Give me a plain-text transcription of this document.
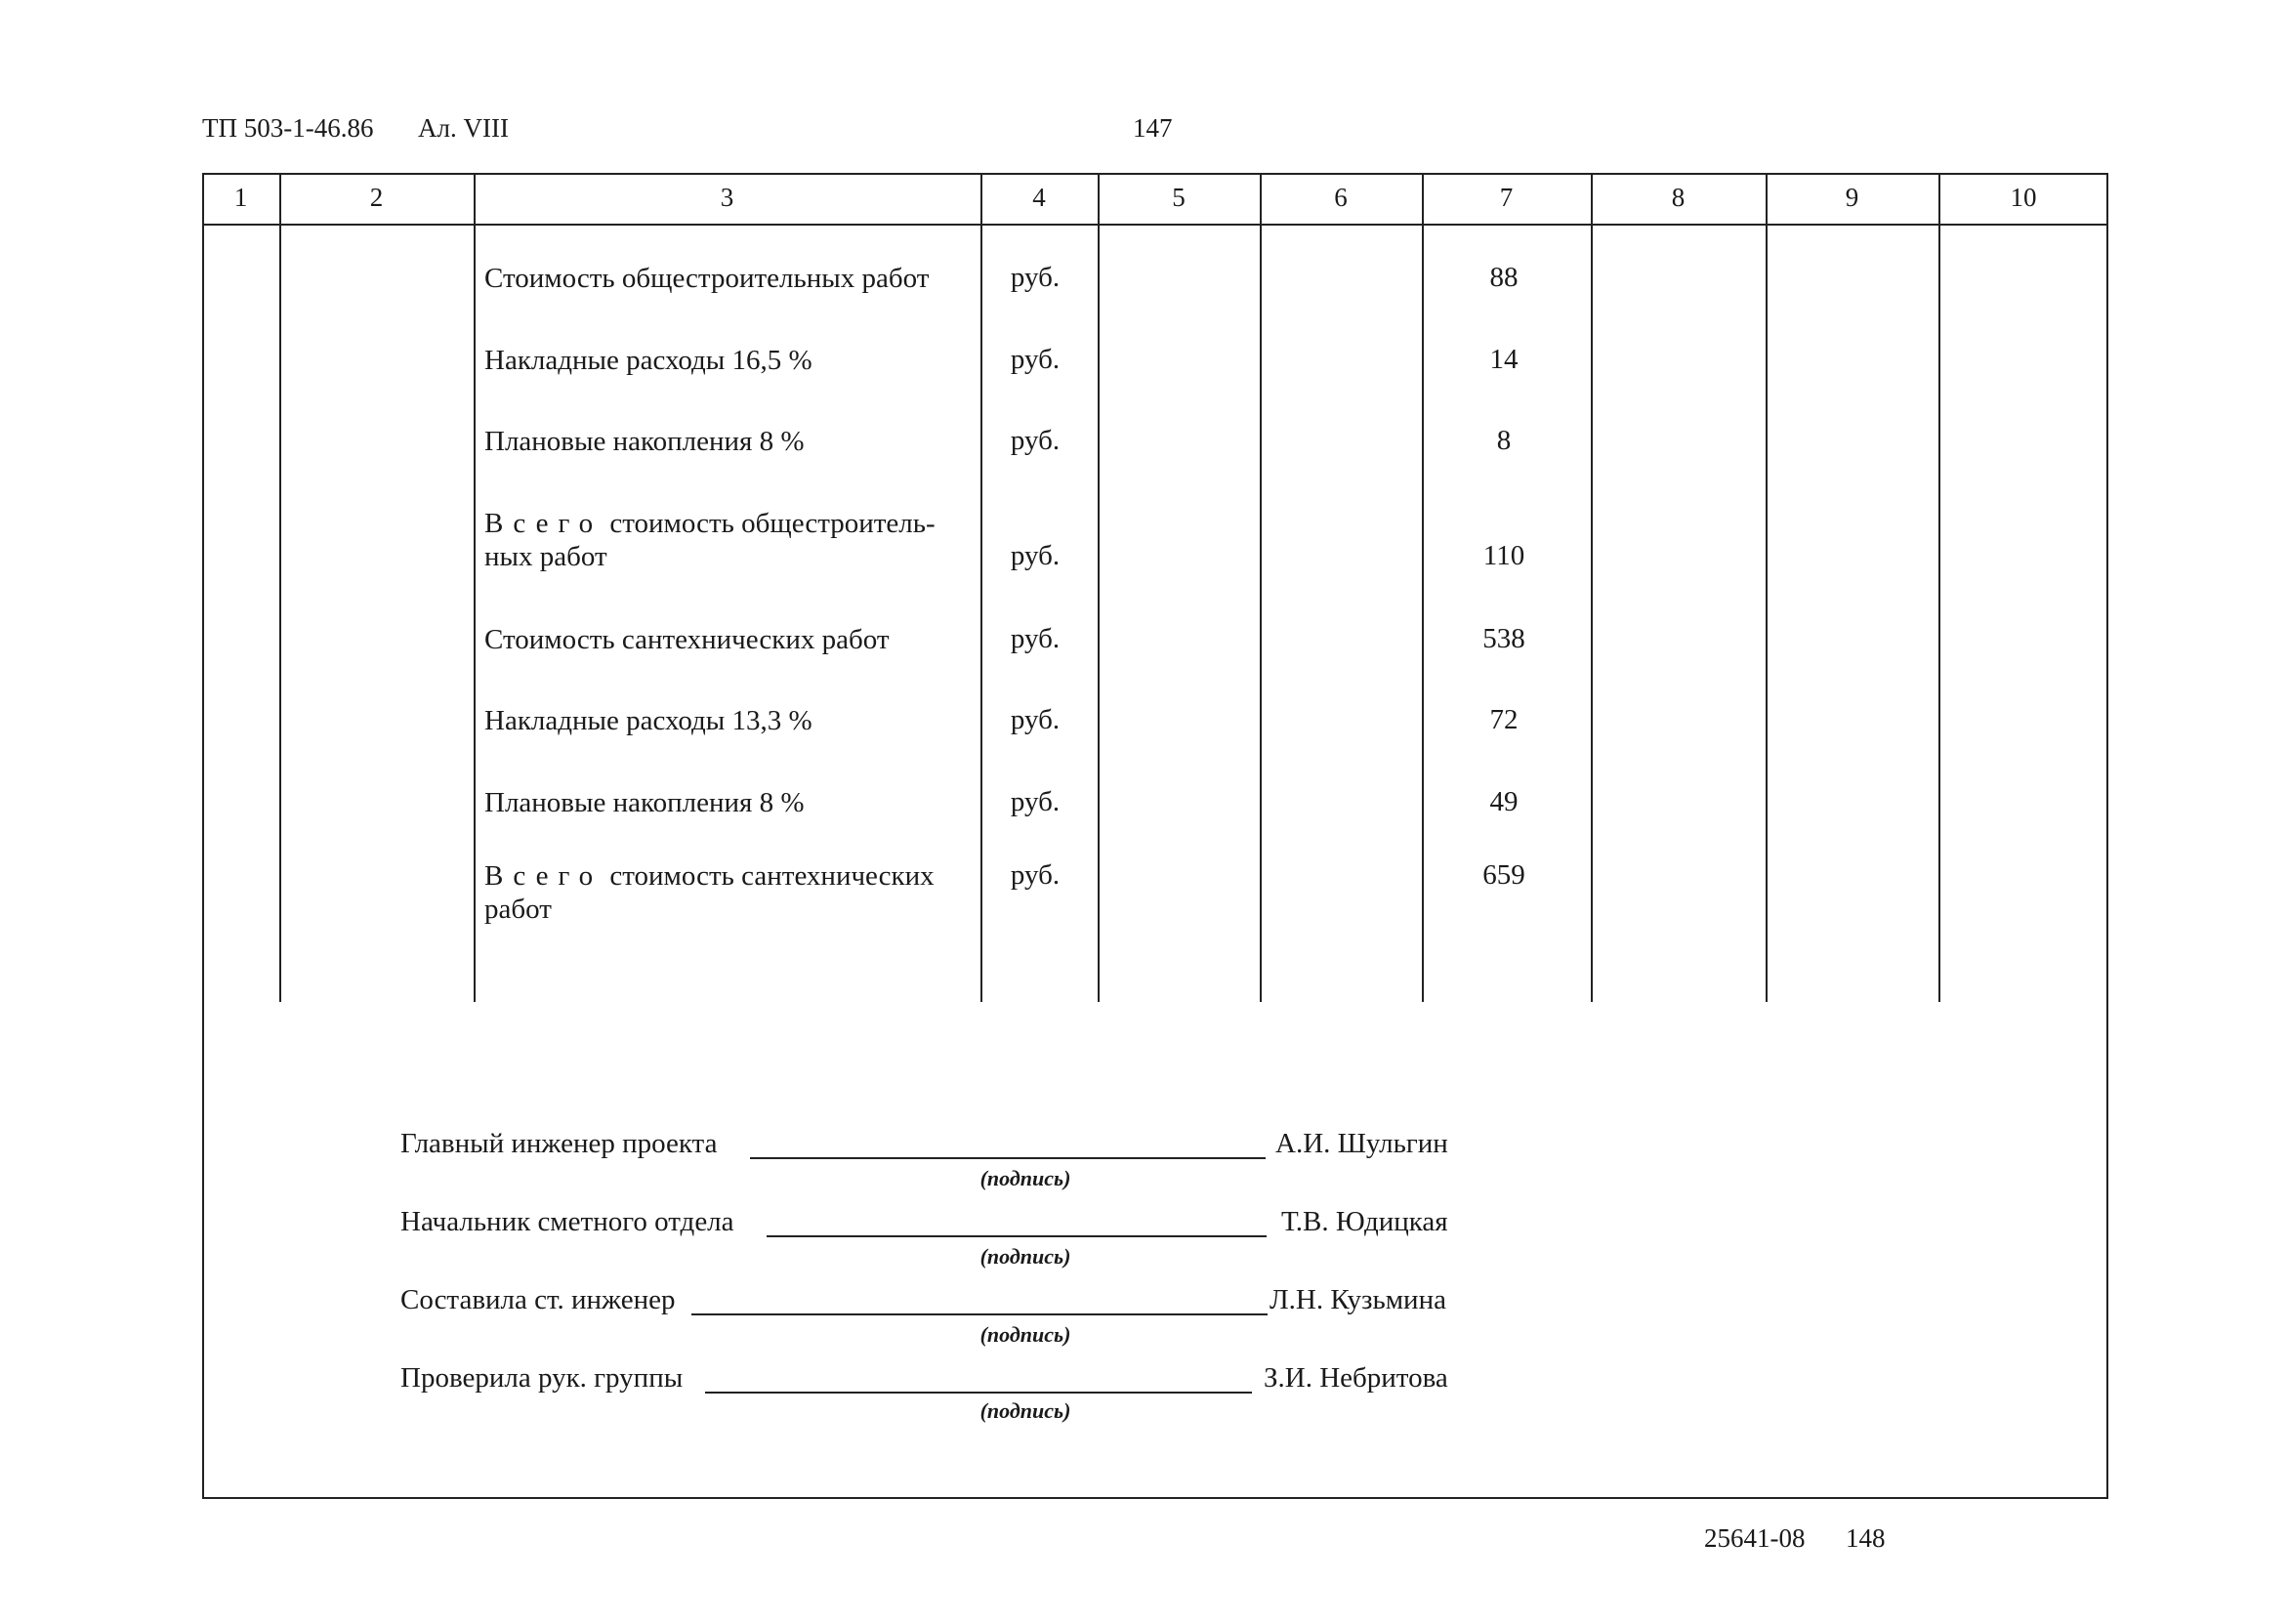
ТП 503-1-46.86 Ал. VIII	147
1	2	3	4	5	6	7	8	9	10
Стоимость общестроительных работ	руб.	88
Накладные расходы 16,5 %	руб.	14
Плановые накопления 8 %	руб.	8
Всего стоимость общестроитель-
ных работ	руб.	110
Стоимость сантехнических работ	руб.	538
Накладные расходы 13,3 %	руб.	72
Плановые накопления 8 %	руб.	49
Всего стоимость сантехнических
работ
руб.	659
Главный инженер проекта	А.И. Шульгин
(подпись)
Начальник сметного отдела	Т.В. Юдицкая
(подпись)
Составила ст. инженер	Л.Н. Кузьмина
(подпись)
Проверила рук. группы	З.И. Небритова
(подпись)
25641-08 148
